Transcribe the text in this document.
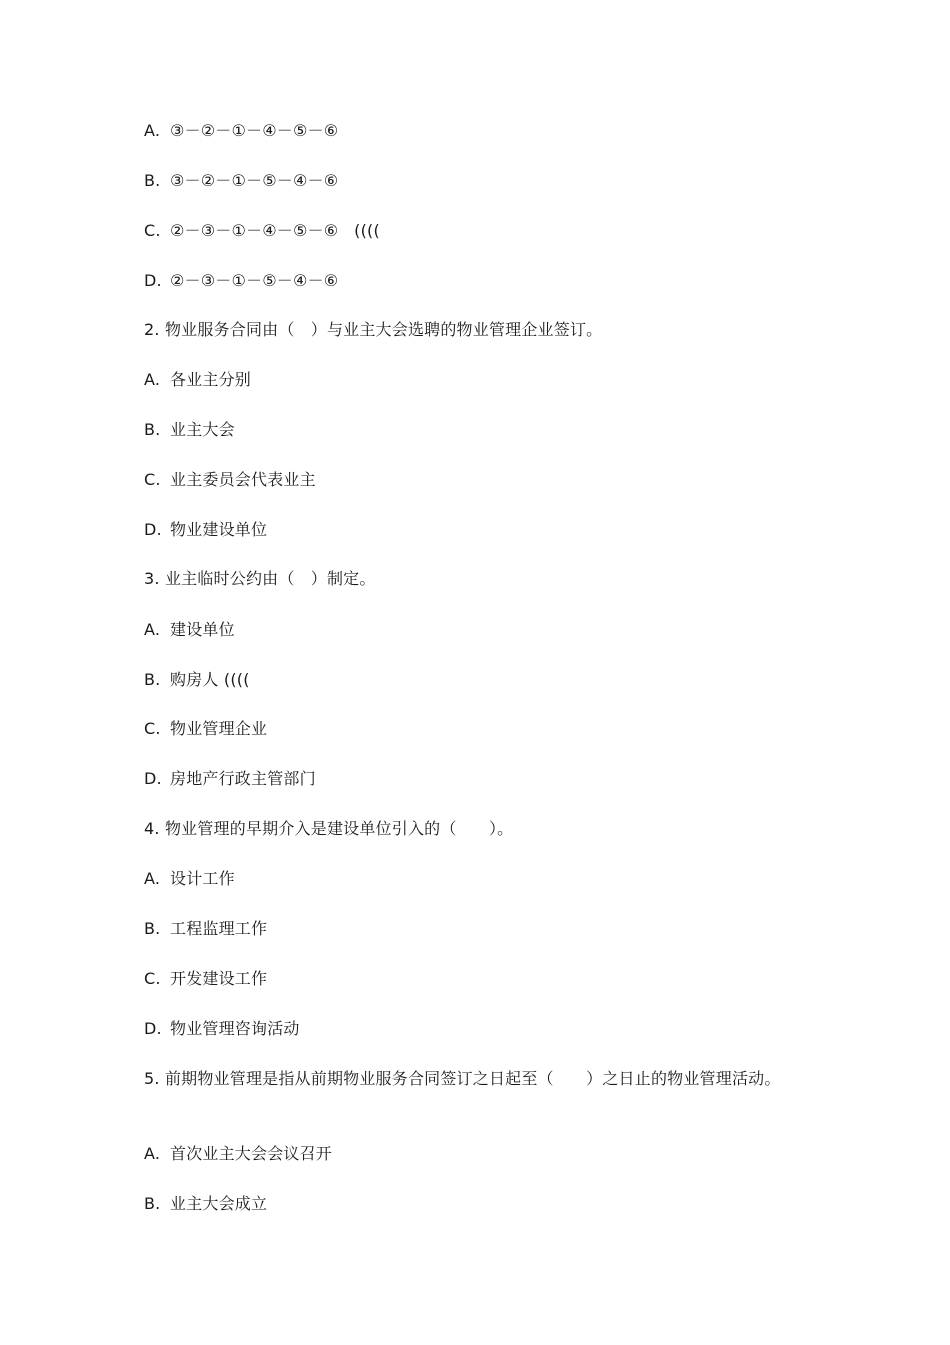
A. ③－②－①－④－⑤－⑥
B. ③－②－①－⑤－④－⑥
C. ②－③－①－④－⑤－⑥   ((((
D. ②－③－①－⑤－④－⑥
2. 物业服务合同由（　）与业主大会选聘的物业管理企业签订。
A. 各业主分别
B. 业主大会
C. 业主委员会代表业主
D. 物业建设单位
3. 业主临时公约由（　）制定。
A. 建设单位
B. 购房人 ((((
C. 物业管理企业
D. 房地产行政主管部门
4. 物业管理的早期介入是建设单位引入的（　　）。
A. 设计工作
B. 工程监理工作
C. 开发建设工作
D. 物业管理咨询活动
5. 前期物业管理是指从前期物业服务合同签订之日起至（　　）之日止的物业管理活动。
A. 首次业主大会会议召开
B. 业主大会成立
